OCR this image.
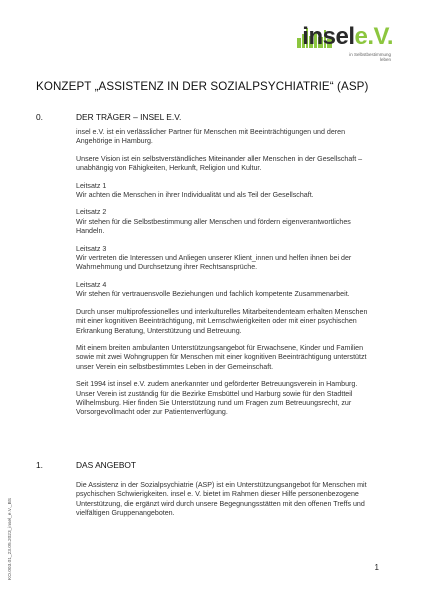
insele.V.
in Selbstbestimmung
leben
KONZEPT „ASSISTENZ IN DER SOZIALPSYCHIATRIE“ (ASP)
0.	DER TRÄGER – INSEL E.V.

insel e.V. ist ein verlässlicher Partner für Menschen mit Beeinträchtigungen und deren Angehörige in Hamburg.

Unsere Vision ist ein selbstverständliches Miteinander aller Menschen in der Gesellschaft – unabhängig von Fähigkeiten, Herkunft, Religion und Kultur.

Leitsatz 1
Wir achten die Menschen in ihrer Individualität und als Teil der Gesellschaft.

Leitsatz 2
Wir stehen für die Selbstbestimmung aller Menschen und fördern eigenverantwortliches Handeln.

Leitsatz 3
Wir vertreten die Interessen und Anliegen unserer Klient_innen und helfen ihnen bei der Wahrnehmung und Durchsetzung ihrer Rechtsansprüche.

Leitsatz 4
Wir stehen für vertrauensvolle Beziehungen und fachlich kompetente Zusammenarbeit.

Durch unser multiprofessionelles und interkulturelles Mitarbeitendenteam erhalten Menschen mit einer kognitiven Beeinträchtigung, mit Lernschwierigkeiten oder mit einer psychischen Erkrankung Beratung, Unterstützung und Betreuung.

Mit einem breiten ambulanten Unterstützungsangebot für Erwachsene, Kinder und Familien sowie mit zwei Wohngruppen für Menschen mit einer kognitiven Beeinträchtigung unterstützt unser Verein ein selbstbestimmtes Leben in der Gemeinschaft.

Seit 1994 ist insel e.V. zudem anerkannter und geförderter Betreuungsverein in Hamburg. Unser Verein ist zuständig für die Bezirke Emsbüttel und Harburg sowie für den Stadtteil Wilhelmsburg. Hier finden Sie Unterstützung rund um Fragen zum Betreuungsrecht, zur Vorsorgevollmacht oder zur Patientenverfügung.

1.	DAS ANGEBOT

Die Assistenz in der Sozialpsychiatrie (ASP) ist ein Unterstützungsangebot für Menschen mit psychischen Schwierigkeiten. insel e. V. bietet im Rahmen dieser Hilfe personenbezogene Unterstützung, die ergänzt wird durch unsere Begegnungsstätten mit den offenen Treffs und vielfältigen Gruppenangeboten.

KO.003.01_23.05.2023_insel_e.V._BS	1
